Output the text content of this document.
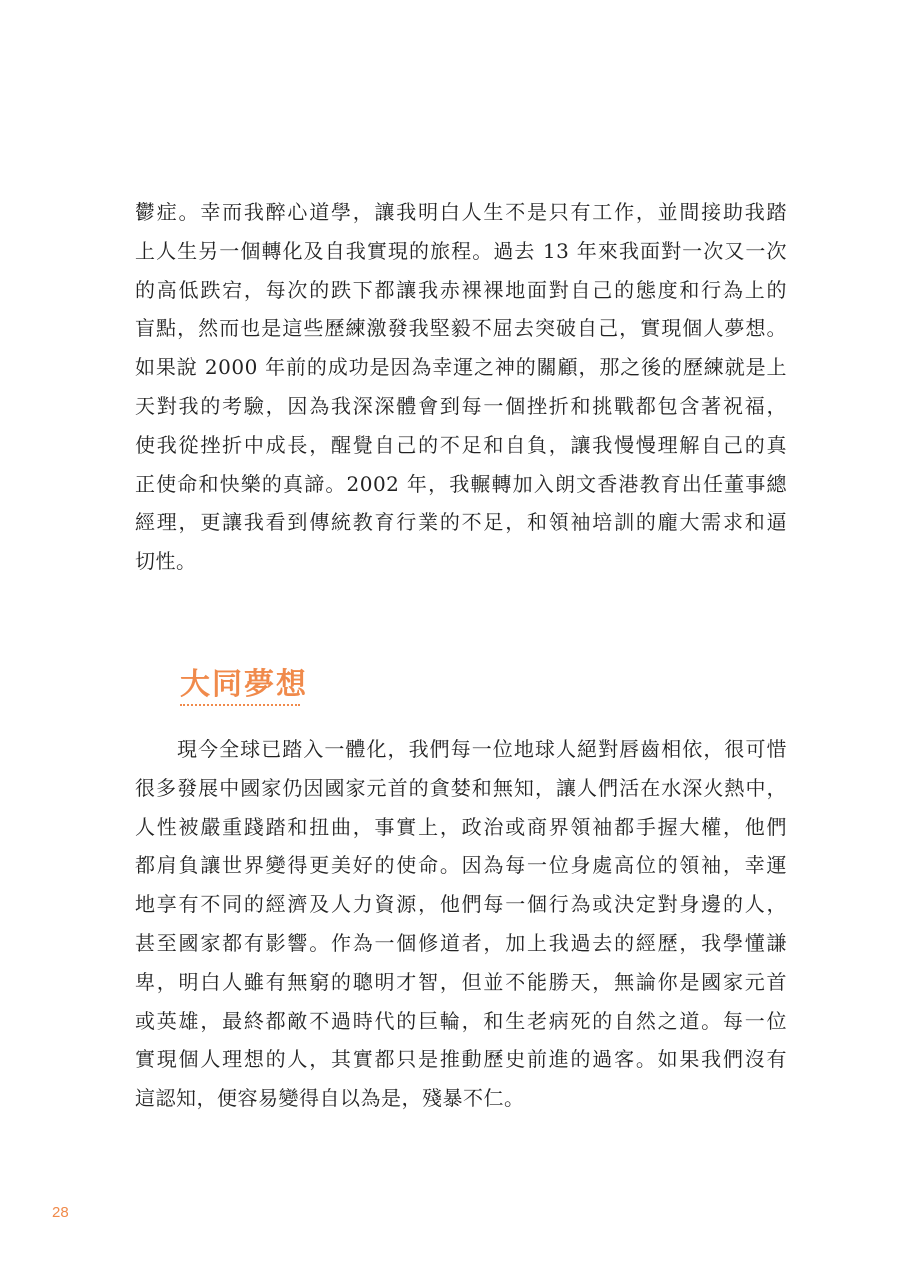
鬱症。幸而我醉心道學，讓我明白人生不是只有工作，並間接助我踏
上人生另一個轉化及自我實現的旅程。過去 13 年來我面對一次又一次
的高低跌宕，每次的跌下都讓我赤裸裸地面對自己的態度和行為上的
盲點，然而也是這些歷練激發我堅毅不屈去突破自己，實現個人夢想。
如果說 2000 年前的成功是因為幸運之神的關顧，那之後的歷練就是上
天對我的考驗，因為我深深體會到每一個挫折和挑戰都包含著祝福，
使我從挫折中成長，醒覺自己的不足和自負，讓我慢慢理解自己的真
正使命和快樂的真諦。2002 年，我輾轉加入朗文香港教育出任董事總
經理，更讓我看到傳統教育行業的不足，和領袖培訓的龐大需求和逼
切性。
大同夢想
現今全球已踏入一體化，我們每一位地球人絕對唇齒相依，很可惜
很多發展中國家仍因國家元首的貪婪和無知，讓人們活在水深火熱中，
人性被嚴重踐踏和扭曲，事實上，政治或商界領袖都手握大權，他們
都肩負讓世界變得更美好的使命。因為每一位身處高位的領袖，幸運
地享有不同的經濟及人力資源，他們每一個行為或決定對身邊的人，
甚至國家都有影響。作為一個修道者，加上我過去的經歷，我學懂謙
卑，明白人雖有無窮的聰明才智，但並不能勝天，無論你是國家元首
或英雄，最終都敵不過時代的巨輪，和生老病死的自然之道。每一位
實現個人理想的人，其實都只是推動歷史前進的過客。如果我們沒有
這認知，便容易變得自以為是，殘暴不仁。
28
